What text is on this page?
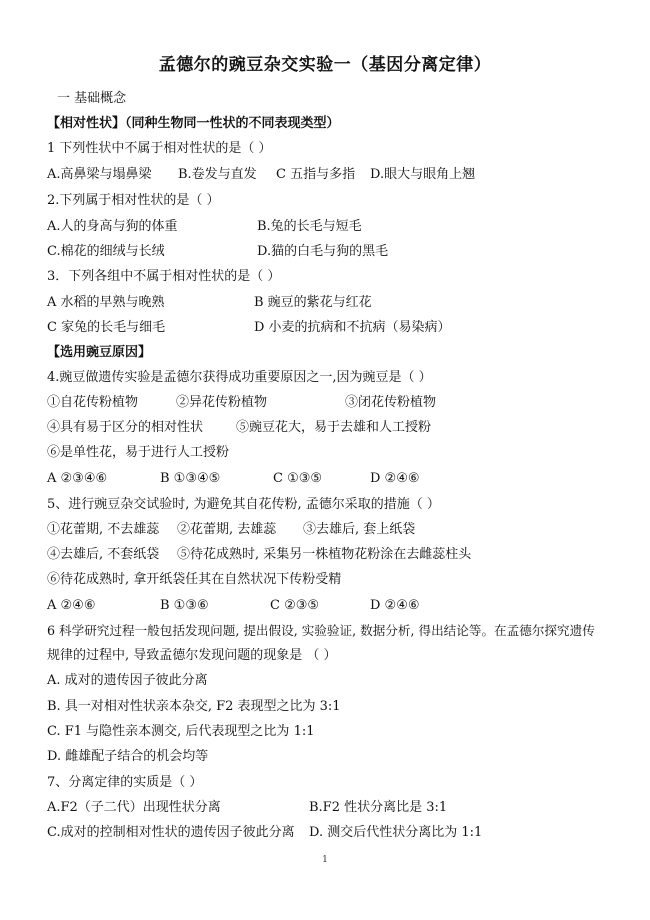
孟德尔的豌豆杂交实验一（基因分离定律）
一 基础概念
【相对性状】（同种生物同一性状的不同表现类型）
1 下列性状中不属于相对性状的是（ ）
A.高鼻梁与塌鼻梁 B.卷发与直发 C 五指与多指 D.眼大与眼角上翘
2.下列属于相对性状的是（ ）
A.人的身高与狗的体重	B.兔的长毛与短毛
C.棉花的细绒与长绒	D.猫的白毛与狗的黑毛
3．下列各组中不属于相对性状的是（ ）
A 水稻的早熟与晚熟	B 豌豆的紫花与红花
C 家兔的长毛与细毛	D 小麦的抗病和不抗病（易染病）
【选用豌豆原因】
4.豌豆做遗传实验是孟德尔获得成功重要原因之一,因为豌豆是（ ）
①自花传粉植物	②异花传粉植物	③闭花传粉植物
④具有易于区分的相对性状	⑤豌豆花大，易于去雄和人工授粉
⑥是单性花，易于进行人工授粉
A ②③④⑥	B ①③④⑤	C ①③⑤	D ②④⑥
5、进行豌豆杂交试验时, 为避免其自花传粉, 孟德尔采取的措施（ ）
①花蕾期, 不去雄蕊 ②花蕾期, 去雄蕊 ③去雄后, 套上纸袋
④去雄后, 不套纸袋 ⑤待花成熟时, 采集另一株植物花粉涂在去雌蕊柱头
⑥待花成熟时, 拿开纸袋任其在自然状况下传粉受精
A ②④⑥	B ①③⑥	C ②③⑤	D ②④⑥
6 科学研究过程一般包括发现问题, 提出假设, 实验验证, 数据分析, 得出结论等。在孟德尔探究遗传
规律的过程中, 导致孟德尔发现问题的现象是 （ ）
A. 成对的遗传因子彼此分离
B. 具一对相对性状亲本杂交, F2 表现型之比为 3:1
C. F1 与隐性亲本测交, 后代表现型之比为 1:1
D. 雌雄配子结合的机会均等
7、分离定律的实质是（ ）
A.F2（子二代）出现性状分离	B.F2 性状分离比是 3:1
C.成对的控制相对性状的遗传因子彼此分离 D. 测交后代性状分离比为 1:1
1
